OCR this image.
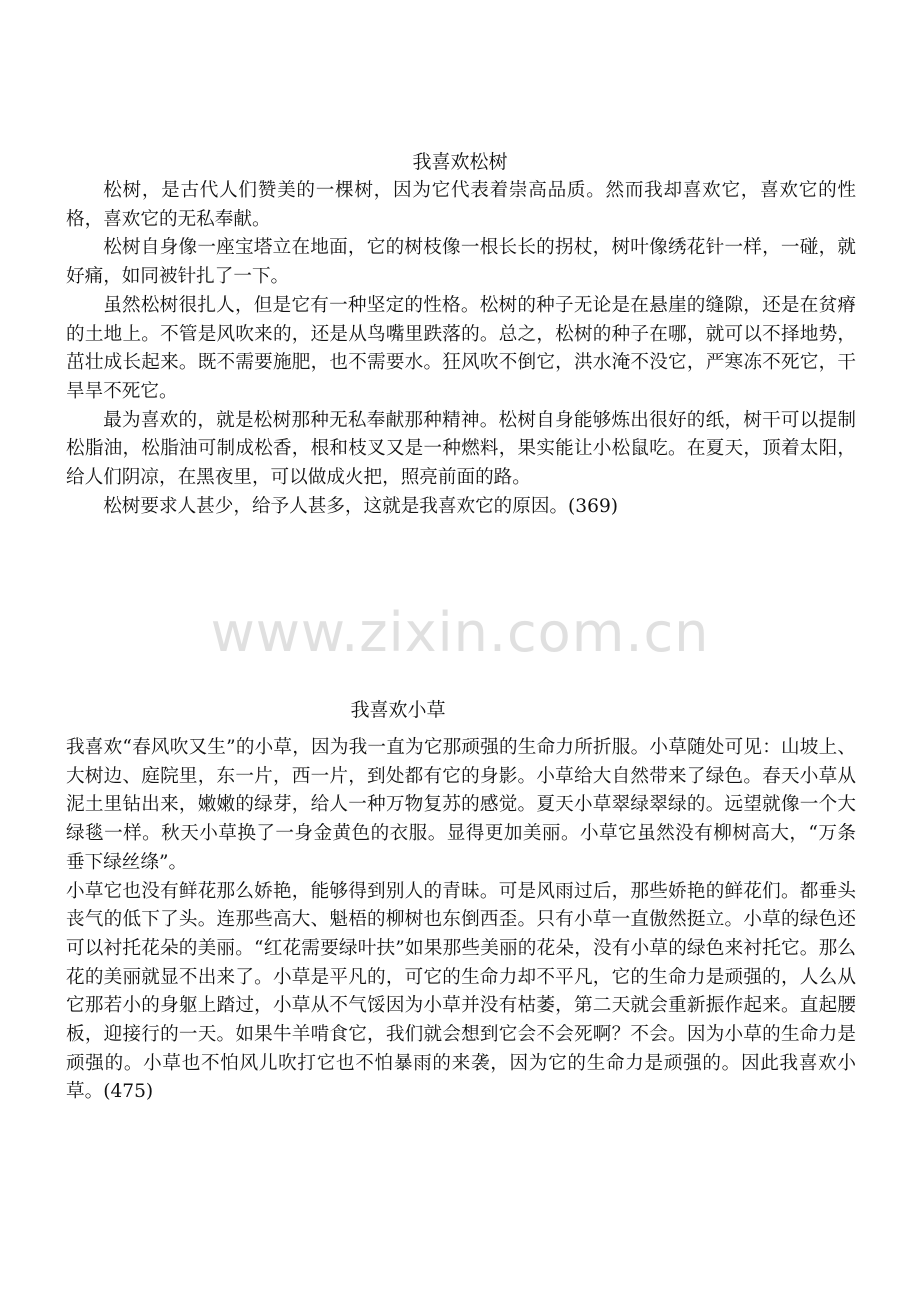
我喜欢松树

松树，是古代人们赞美的一棵树，因为它代表着崇高品质。然而我却喜欢它，喜欢它的性格，喜欢它的无私奉献。

松树自身像一座宝塔立在地面，它的树枝像一根长长的拐杖，树叶像绣花针一样，一碰，就好痛，如同被针扎了一下。

虽然松树很扎人，但是它有一种坚定的性格。松树的种子无论是在悬崖的缝隙，还是在贫瘠的土地上。不管是风吹来的，还是从鸟嘴里跌落的。总之，松树的种子在哪，就可以不择地势，茁壮成长起来。既不需要施肥，也不需要水。狂风吹不倒它，洪水淹不没它，严寒冻不死它，干旱旱不死它。

最为喜欢的，就是松树那种无私奉献那种精神。松树自身能够炼出很好的纸，树干可以提制松脂油，松脂油可制成松香，根和枝叉又是一种燃料，果实能让小松鼠吃。在夏天，顶着太阳，给人们阴凉，在黑夜里，可以做成火把，照亮前面的路。

松树要求人甚少，给予人甚多，这就是我喜欢它的原因。(369)

www.zixin.com.cn
我喜欢小草

我喜欢“春风吹又生”的小草，因为我一直为它那顽强的生命力所折服。小草随处可见：山坡上、大树边、庭院里，东一片，西一片，到处都有它的身影。小草给大自然带来了绿色。春天小草从泥土里钻出来，嫩嫩的绿芽，给人一种万物复苏的感觉。夏天小草翠绿翠绿的。远望就像一个大绿毯一样。秋天小草换了一身金黄色的衣服。显得更加美丽。小草它虽然没有柳树高大，“万条垂下绿丝绦”。

小草它也没有鲜花那么娇艳，能够得到别人的青昧。可是风雨过后，那些娇艳的鲜花们。都垂头丧气的低下了头。连那些高大、魁梧的柳树也东倒西歪。只有小草一直傲然挺立。小草的绿色还可以衬托花朵的美丽。“红花需要绿叶扶”如果那些美丽的花朵，没有小草的绿色来衬托它。那么花的美丽就显不出来了。小草是平凡的，可它的生命力却不平凡，它的生命力是顽强的，人么从它那若小的身躯上踏过，小草从不气馁因为小草并没有枯萎，第二天就会重新振作起来。直起腰板，迎接行的一天。如果牛羊啃食它，我们就会想到它会不会死啊？不会。因为小草的生命力是顽强的。小草也不怕风儿吹打它也不怕暴雨的来袭，因为它的生命力是顽强的。因此我喜欢小草。(475)
